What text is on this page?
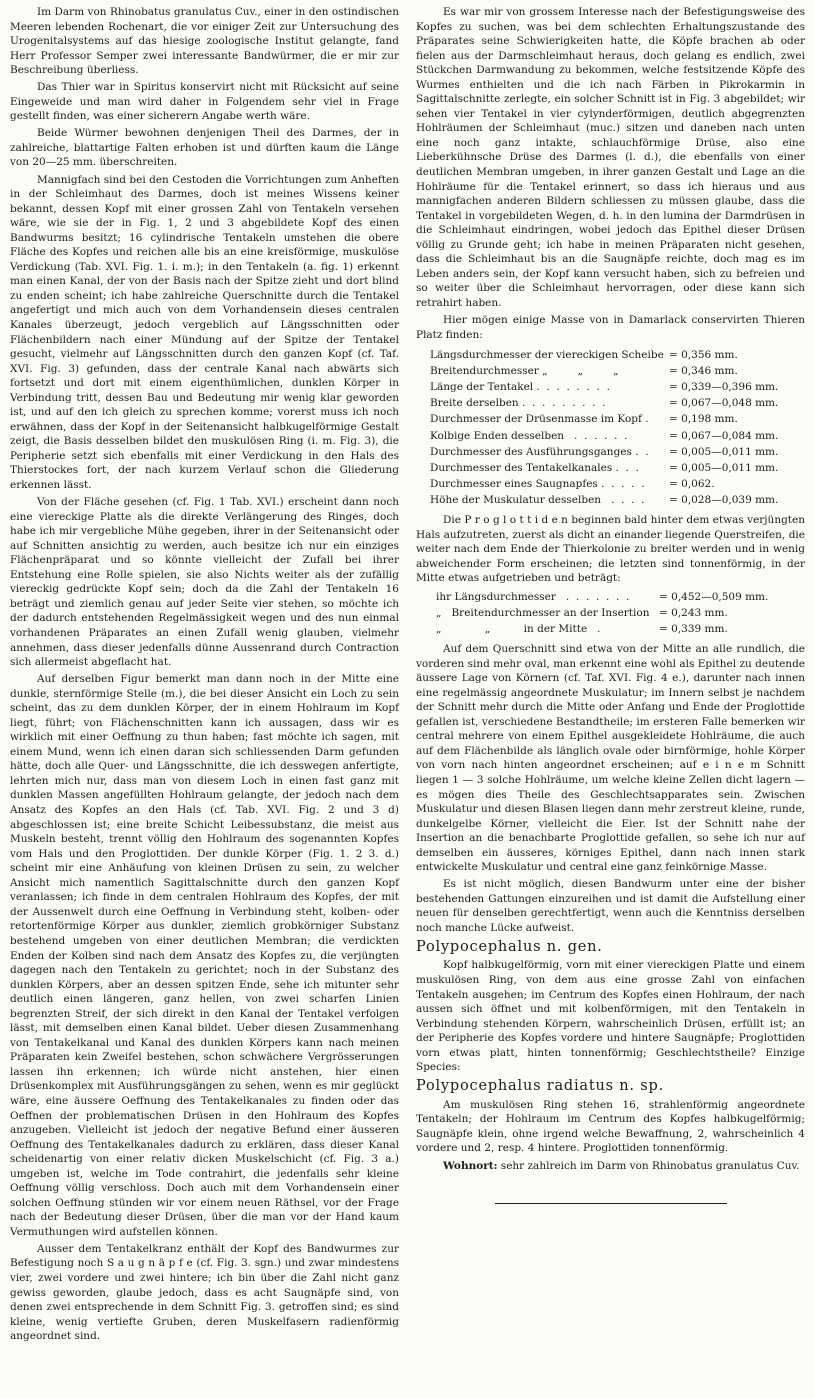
Im Darm von Rhinobatus granulatus Cuv., einer in den ostindischen Meeren lebenden Rochenart, die vor einiger Zeit zur Untersuchung des Urogenitalsystems auf das hiesige zoologische Institut gelangte, fand Herr Professor Semper zwei interessante Bandwürmer, die er mir zur Beschreibung überliess.

Das Thier war in Spiritus konservirt nicht mit Rücksicht auf seine Eingeweide und man wird daher in Folgendem sehr viel in Frage gestellt finden, was einer sicherern Angabe werth wäre.

Beide Würmer bewohnen denjenigen Theil des Darmes, der in zahlreiche, blattartige Falten erhoben ist und dürften kaum die Länge von 20—25 mm. überschreiten.

Mannigfach sind bei den Cestoden die Vorrichtungen zum Anheften in der Schleimhaut des Darmes, doch ist meines Wissens keiner bekannt, dessen Kopf mit einer grossen Zahl von Tentakeln versehen wäre, wie sie der in Fig. 1, 2 und 3 abgebildete Kopf des einen Bandwurms besitzt; 16 cylindrische Tentakeln umstehen die obere Fläche des Kopfes und reichen alle bis an eine kreisförmige, muskulöse Verdickung (Tab. XVI. Fig. 1. i. m.); in den Tentakeln (a. fig. 1) erkennt man einen Kanal, der von der Basis nach der Spitze zieht und dort blind zu enden scheint; ich habe zahlreiche Querschnitte durch die Tentakel angefertigt und mich auch von dem Vorhandensein dieses centralen Kanales überzeugt, jedoch vergeblich auf Längsschnitten oder Flächenbildern nach einer Mündung auf der Spitze der Tentakel gesucht, vielmehr auf Längsschnitten durch den ganzen Kopf (cf. Taf. XVI. Fig. 3) gefunden, dass der centrale Kanal nach abwärts sich fortsetzt und dort mit einem eigenthümlichen, dunklen Körper in Verbindung tritt, dessen Bau und Bedeutung mir wenig klar geworden ist, und auf den ich gleich zu sprechen komme; vorerst muss ich noch erwähnen, dass der Kopf in der Seitenansicht halbkugelförmige Gestalt zeigt, die Basis desselben bildet den muskulösen Ring (i. m. Fig. 3), die Peripherie setzt sich ebenfalls mit einer Verdickung in den Hals des Thierstockes fort, der nach kurzem Verlauf schon die Gliederung erkennen lässt.

Von der Fläche gesehen (cf. Fig. 1 Tab. XVI.) erscheint dann noch eine viereckige Platte als die direkte Verlängerung des Ringes, doch habe ich mir vergebliche Mühe gegeben, ihrer in der Seitenansicht oder auf Schnitten ansichtig zu werden, auch besitze ich nur ein einziges Flächenpräparat und so könnte vielleicht der Zufall bei ihrer Entstehung eine Rolle spielen, sie also Nichts weiter als der zufällig viereckig gedrückte Kopf sein; doch da die Zahl der Tentakeln 16 beträgt und ziemlich genau auf jeder Seite vier stehen, so möchte ich der dadurch entstehenden Regelmässigkeit wegen und des nun einmal vorhandenen Präparates an einen Zufall wenig glauben, vielmehr annehmen, dass dieser jedenfalls dünne Aussenrand durch Contraction sich allermeist abgeflacht hat.

Auf derselben Figur bemerkt man dann noch in der Mitte eine dunkle, sternförmige Stelle (m.), die bei dieser Ansicht ein Loch zu sein scheint, das zu dem dunklen Körper, der in einem Hohlraum im Kopf liegt, führt; von Flächenschnitten kann ich aussagen, dass wir es wirklich mit einer Oeffnung zu thun haben; fast möchte ich sagen, mit einem Mund, wenn ich einen daran sich schliessenden Darm gefunden hätte, doch alle Quer- und Längsschnitte, die ich desswegen anfertigte, lehrten mich nur, dass man von diesem Loch in einen fast ganz mit dunklen Massen angefüllten Hohlraum gelangte, der jedoch nach dem Ansatz des Kopfes an den Hals (cf. Tab. XVI. Fig. 2 und 3 d) abgeschlossen ist; eine breite Schicht Leibessubstanz, die meist aus Muskeln besteht, trennt völlig den Hohlraum des sogenannten Kopfes vom Hals und den Proglottiden. Der dunkle Körper (Fig. 1. 2 3. d.) scheint mir eine Anhäufung von kleinen Drüsen zu sein, zu welcher Ansicht mich namentlich Sagittalschnitte durch den ganzen Kopf veranlassen; ich finde in dem centralen Hohlraum des Kopfes, der mit der Aussenwelt durch eine Oeffnung in Verbindung steht, kolben- oder retortenförmige Körper aus dunkler, ziemlich grobkörniger Substanz bestehend umgeben von einer deutlichen Membran; die verdickten Enden der Kolben sind nach dem Ansatz des Kopfes zu, die verjüngten dagegen nach den Tentakeln zu gerichtet; noch in der Substanz des dunklen Körpers, aber an dessen spitzen Ende, sehe ich mitunter sehr deutlich einen längeren, ganz hellen, von zwei scharfen Linien begrenzten Streif, der sich direkt in den Kanal der Tentakel verfolgen lässt, mit demselben einen Kanal bildet. Ueber diesen Zusammenhang von Tentakelkanal und Kanal des dunklen Körpers kann nach meinen Präparaten kein Zweifel bestehen, schon schwächere Vergrösserungen lassen ihn erkennen; ich würde nicht anstehen, hier einen Drüsenkomplex mit Ausführungsgängen zu sehen, wenn es mir geglückt wäre, eine äussere Oeffnung des Tentakelkanales zu finden oder das Oeffnen der problematischen Drüsen in den Hohlraum des Kopfes anzugeben. Vielleicht ist jedoch der negative Befund einer äusseren Oeffnung des Tentakelkanales dadurch zu erklären, dass dieser Kanal scheidenartig von einer relativ dicken Muskelschicht (cf. Fig. 3 a.) umgeben ist, welche im Tode contrahirt, die jedenfalls sehr kleine Oeffnung völlig verschloss. Doch auch mit dem Vorhandensein einer solchen Oeffnung stünden wir vor einem neuen Räthsel, vor der Frage nach der Bedeutung dieser Drüsen, über die man vor der Hand kaum Vermuthungen wird aufstellen können.

Ausser dem Tentakelkranz enthält der Kopf des Bandwurmes zur Befestigung noch S a u g n ä p f e (cf. Fig. 3. sgn.) und zwar mindestens vier, zwei vordere und zwei hintere; ich bin über die Zahl nicht ganz gewiss geworden, glaube jedoch, dass es acht Saugnäpfe sind, von denen zwei entsprechende in dem Schnitt Fig. 3. getroffen sind; es sind kleine, wenig vertiefte Gruben, deren Muskelfasern radienförmig angeordnet sind.

Es war mir von grossem Interesse nach der Befestigungsweise des Kopfes zu suchen, was bei dem schlechten Erhaltungszustande des Präparates seine Schwierigkeiten hatte, die Köpfe brachen ab oder fielen aus der Darmschleimhaut heraus, doch gelang es endlich, zwei Stückchen Darmwandung zu bekommen, welche festsitzende Köpfe des Wurmes enthielten und die ich nach Färben in Pikrokarmin in Sagittalschnitte zerlegte, ein solcher Schnitt ist in Fig. 3 abgebildet; wir sehen vier Tentakel in vier cylynderförmigen, deutlich abgegrenzten Hohlräumen der Schleimhaut (muc.) sitzen und daneben nach unten eine noch ganz intakte, schlauchförmige Drüse, also eine Lieberkühnsche Drüse des Darmes (l. d.), die ebenfalls von einer deutlichen Membran umgeben, in ihrer ganzen Gestalt und Lage an die Hohlräume für die Tentakel erinnert, so dass ich hieraus und aus mannigfachen anderen Bildern schliessen zu müssen glaube, dass die Tentakel in vorgebildeten Wegen, d. h. in den lumina der Darmdrüsen in die Schleimhaut eindringen, wobei jedoch das Epithel dieser Drüsen völlig zu Grunde geht; ich habe in meinen Präparaten nicht gesehen, dass die Schleimhaut bis an die Saugnäpfe reichte, doch mag es im Leben anders sein, der Kopf kann versucht haben, sich zu befreien und so weiter über die Schleimhaut hervorragen, oder diese kann sich retrahirt haben.

Hier mögen einige Masse von in Damarlack conservirten Thieren Platz finden:

Längsdurchmesser der viereckigen Scheibe = 0,356 mm.
Breitendurchmesser „         „         „	= 0,346 mm.
Länge der Tentakel .  .  .  .  .  .  .  .	= 0,339—0,396 mm.
Breite derselben .  .  .  .  .  .  .  .  .	= 0,067—0,048 mm.
Durchmesser der Drüsenmasse im Kopf .	= 0,198 mm.
Kolbige Enden desselben   .  .  .  .  .  .	= 0,067—0,084 mm.
Durchmesser des Ausführungsganges .  .	= 0,005—0,011 mm.
Durchmesser des Tentakelkanales .  .  .	= 0,005—0,011 mm.
Durchmesser eines Saugnapfes .  .  .  .  .	= 0,062.
Höhe der Muskulatur desselben   .  .  .  .	= 0,028—0,039 mm.

Die P r o g l o t t i d e n beginnen bald hinter dem etwas verjüngten Hals aufzutreten, zuerst als dicht an einander liegende Querstreifen, die weiter nach dem Ende der Thierkolonie zu breiter werden und in wenig abweichender Form erscheinen; die letzten sind tonnenförmig, in der Mitte etwas aufgetrieben und beträgt:

ihr Längsdurchmesser   .  .  .  .  .  .  .	= 0,452—0,509 mm.
„   Breitendurchmesser an der Insertion = 0,243 mm.
„             „          in der Mitte   .	= 0,339 mm.

Auf dem Querschnitt sind etwa von der Mitte an alle rundlich, die vorderen sind mehr oval, man erkennt eine wohl als Epithel zu deutende äussere Lage von Körnern (cf. Taf. XVI. Fig. 4 e.), darunter nach innen eine regelmässig angeordnete Muskulatur; im Innern selbst je nachdem der Schnitt mehr durch die Mitte oder Anfang und Ende der Proglottide gefallen ist, verschiedene Bestandtheile; im ersteren Falle bemerken wir central mehrere von einem Epithel ausgekleidete Hohlräume, die auch auf dem Flächenbilde als länglich ovale oder birnförmige, hohle Körper von vorn nach hinten angeordnet erscheinen; auf e i n e m Schnitt liegen 1 — 3 solche Hohlräume, um welche kleine Zellen dicht lagern — es mögen dies Theile des Geschlechtsapparates sein. Zwischen Muskulatur und diesen Blasen liegen dann mehr zerstreut kleine, runde, dunkelgelbe Körner, vielleicht die Eier. Ist der Schnitt nahe der Insertion an die benachbarte Proglottide gefallen, so sehe ich nur auf demselben ein äusseres, körniges Epithel, dann nach innen stark entwickelte Muskulatur und central eine ganz feinkörnige Masse.

Es ist nicht möglich, diesen Bandwurm unter eine der bisher bestehenden Gattungen einzureihen und ist damit die Aufstellung einer neuen für denselben gerechtfertigt, wenn auch die Kenntniss derselben noch manche Lücke aufweist.

Polypocephalus n. gen.

Kopf halbkugelförmig, vorn mit einer viereckigen Platte und einem muskulösen Ring, von dem aus eine grosse Zahl von einfachen Tentakeln ausgehen; im Centrum des Kopfes einen Hohlraum, der nach aussen sich öffnet und mit kolbenförmigen, mit den Tentakeln in Verbindung stehenden Körpern, wahrscheinlich Drüsen, erfüllt ist; an der Peripherie des Kopfes vordere und hintere Saugnäpfe; Proglottiden vorn etwas platt, hinten tonnenförmig; Geschlechtstheile? Einzige Species:

Polypocephalus radiatus n. sp.

Am muskulösen Ring stehen 16, strahlenförmig angeordnete Tentakeln; der Hohlraum im Centrum des Kopfes halbkugelförmig; Saugnäpfe klein, ohne irgend welche Bewaffnung, 2, wahrscheinlich 4 vordere und 2, resp. 4 hintere. Proglottiden tonnenförmig.

Wohnort: sehr zahlreich im Darm von Rhinobatus granulatus Cuv.
